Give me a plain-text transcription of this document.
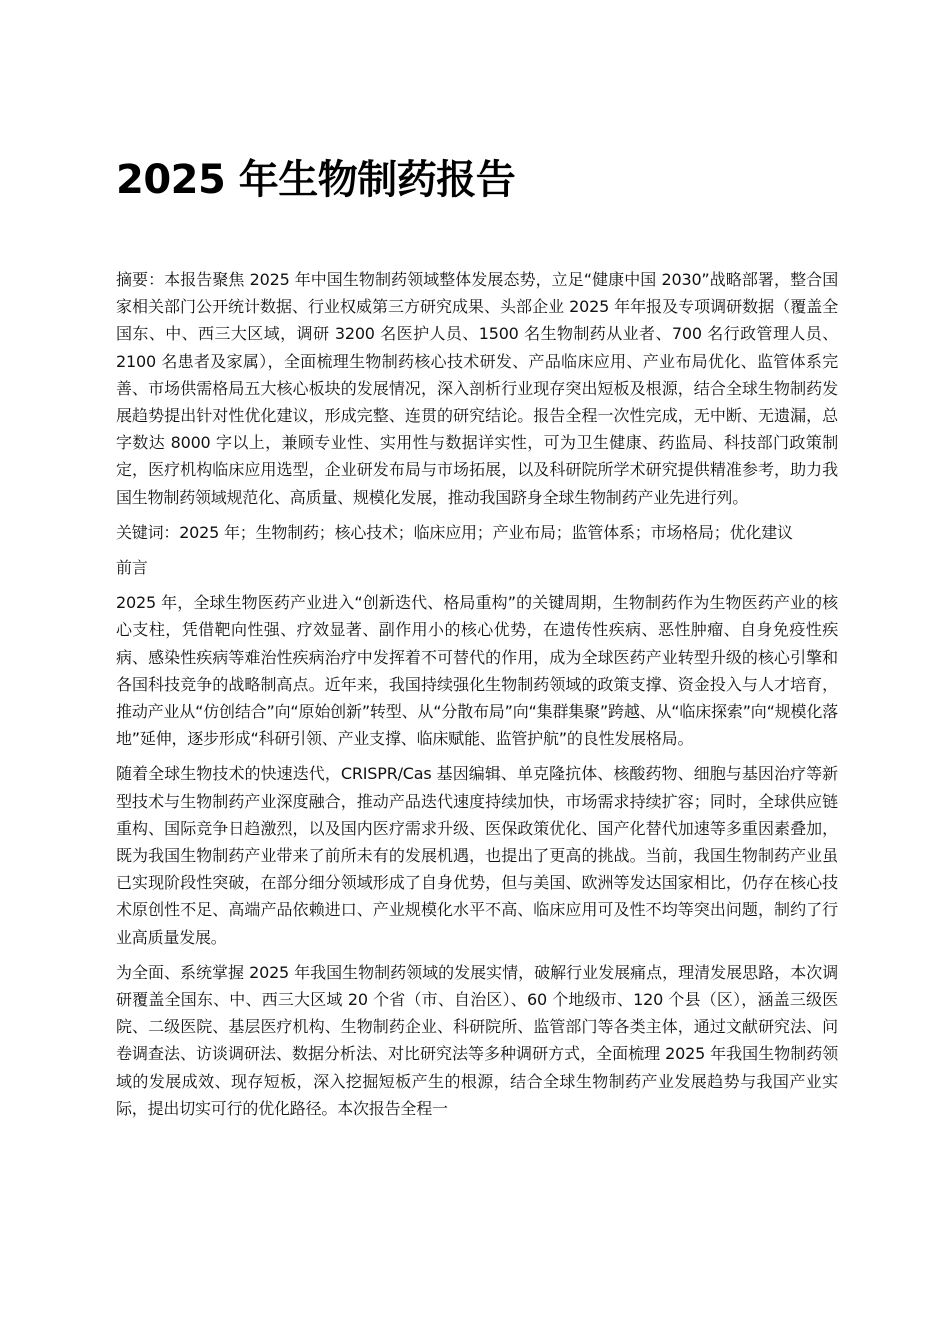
2025 年生物制药报告

摘要：本报告聚焦 2025 年中国生物制药领域整体发展态势，立足“健康中国 2030”战略部署，整合国家相关部门公开统计数据、行业权威第三方研究成果、头部企业 2025 年年报及专项调研数据（覆盖全国东、中、西三大区域，调研 3200 名医护人员、1500 名生物制药从业者、700 名行政管理人员、2100 名患者及家属），全面梳理生物制药核心技术研发、产品临床应用、产业布局优化、监管体系完善、市场供需格局五大核心板块的发展情况，深入剖析行业现存突出短板及根源，结合全球生物制药发展趋势提出针对性优化建议，形成完整、连贯的研究结论。报告全程一次性完成，无中断、无遗漏，总字数达 8000 字以上，兼顾专业性、实用性与数据详实性，可为卫生健康、药监局、科技部门政策制定，医疗机构临床应用选型，企业研发布局与市场拓展，以及科研院所学术研究提供精准参考，助力我国生物制药领域规范化、高质量、规模化发展，推动我国跻身全球生物制药产业先进行列。

关键词：2025 年；生物制药；核心技术；临床应用；产业布局；监管体系；市场格局；优化建议

前言

2025 年，全球生物医药产业进入“创新迭代、格局重构”的关键周期，生物制药作为生物医药产业的核心支柱，凭借靶向性强、疗效显著、副作用小的核心优势，在遗传性疾病、恶性肿瘤、自身免疫性疾病、感染性疾病等难治性疾病治疗中发挥着不可替代的作用，成为全球医药产业转型升级的核心引擎和各国科技竞争的战略制高点。近年来，我国持续强化生物制药领域的政策支撑、资金投入与人才培育，推动产业从“仿创结合”向“原始创新”转型、从“分散布局”向“集群集聚”跨越、从“临床探索”向“规模化落地”延伸，逐步形成“科研引领、产业支撑、临床赋能、监管护航”的良性发展格局。

随着全球生物技术的快速迭代，CRISPR/Cas 基因编辑、单克隆抗体、核酸药物、细胞与基因治疗等新型技术与生物制药产业深度融合，推动产品迭代速度持续加快，市场需求持续扩容；同时，全球供应链重构、国际竞争日趋激烈，以及国内医疗需求升级、医保政策优化、国产化替代加速等多重因素叠加，既为我国生物制药产业带来了前所未有的发展机遇，也提出了更高的挑战。当前，我国生物制药产业虽已实现阶段性突破，在部分细分领域形成了自身优势，但与美国、欧洲等发达国家相比，仍存在核心技术原创性不足、高端产品依赖进口、产业规模化水平不高、临床应用可及性不均等突出问题，制约了行业高质量发展。

为全面、系统掌握 2025 年我国生物制药领域的发展实情，破解行业发展痛点，理清发展思路，本次调研覆盖全国东、中、西三大区域 20 个省（市、自治区）、60 个地级市、120 个县（区），涵盖三级医院、二级医院、基层医疗机构、生物制药企业、科研院所、监管部门等各类主体，通过文献研究法、问卷调查法、访谈调研法、数据分析法、对比研究法等多种调研方式，全面梳理 2025 年我国生物制药领域的发展成效、现存短板，深入挖掘短板产生的根源，结合全球生物制药产业发展趋势与我国产业实际，提出切实可行的优化路径。本次报告全程一
